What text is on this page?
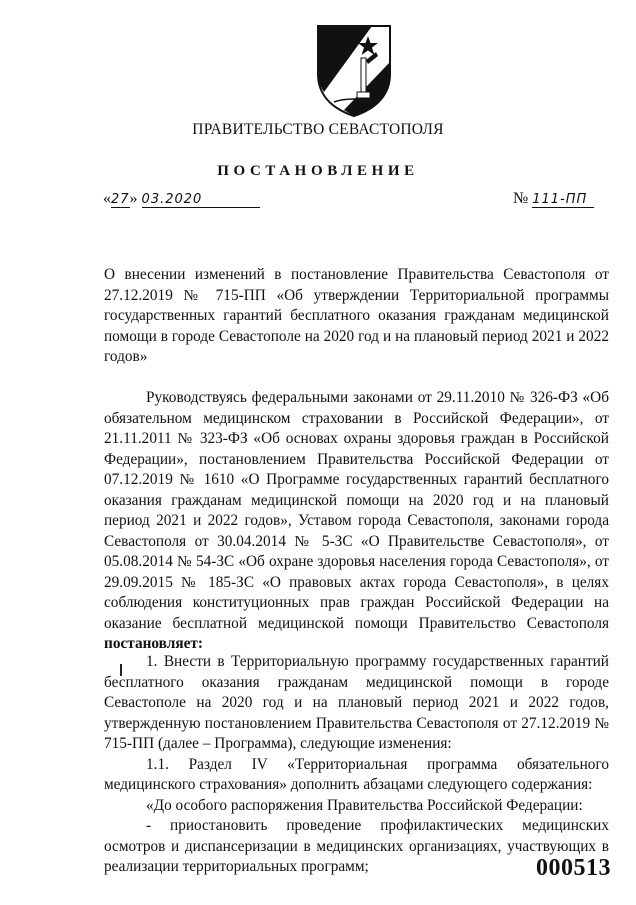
ПРАВИТЕЛЬСТВО СЕВАСТОПОЛЯ
ПОСТАНОВЛЕНИЕ
«27» 03.2020	№ 111-ПП
О внесении изменений в постановление Правительства Севастополя от 27.12.2019 № 715-ПП «Об утверждении Территориальной программы государственных гарантий бесплатного оказания гражданам медицинской помощи в городе Севастополе на 2020 год и на плановый период 2021 и 2022 годов»
Руководствуясь федеральными законами от 29.11.2010 № 326-ФЗ «Об обязательном медицинском страховании в Российской Федерации», от 21.11.2011 № 323-ФЗ «Об основах охраны здоровья граждан в Российской Федерации», постановлением Правительства Российской Федерации от 07.12.2019 № 1610 «О Программе государственных гарантий бесплатного оказания гражданам медицинской помощи на 2020 год и на плановый период 2021 и 2022 годов», Уставом города Севастополя, законами города Севастополя от 30.04.2014 № 5-ЗС «О Правительстве Севастополя», от 05.08.2014 № 54-ЗС «Об охране здоровья населения города Севастополя», от 29.09.2015 № 185-ЗС «О правовых актах города Севастополя», в целях соблюдения конституционных прав граждан Российской Федерации на оказание бесплатной медицинской помощи Правительство Севастополя постановляет:

1. Внести в Территориальную программу государственных гарантий бесплатного оказания гражданам медицинской помощи в городе Севастополе на 2020 год и на плановый период 2021 и 2022 годов, утвержденную постановлением Правительства Севастополя от 27.12.2019 № 715-ПП (далее – Программа), следующие изменения:

1.1. Раздел IV «Территориальная программа обязательного медицинского страхования» дополнить абзацами следующего содержания:

«До особого распоряжения Правительства Российской Федерации:

- приостановить проведение профилактических медицинских осмотров и диспансеризации в медицинских организациях, участвующих в реализации территориальных программ;	000513
